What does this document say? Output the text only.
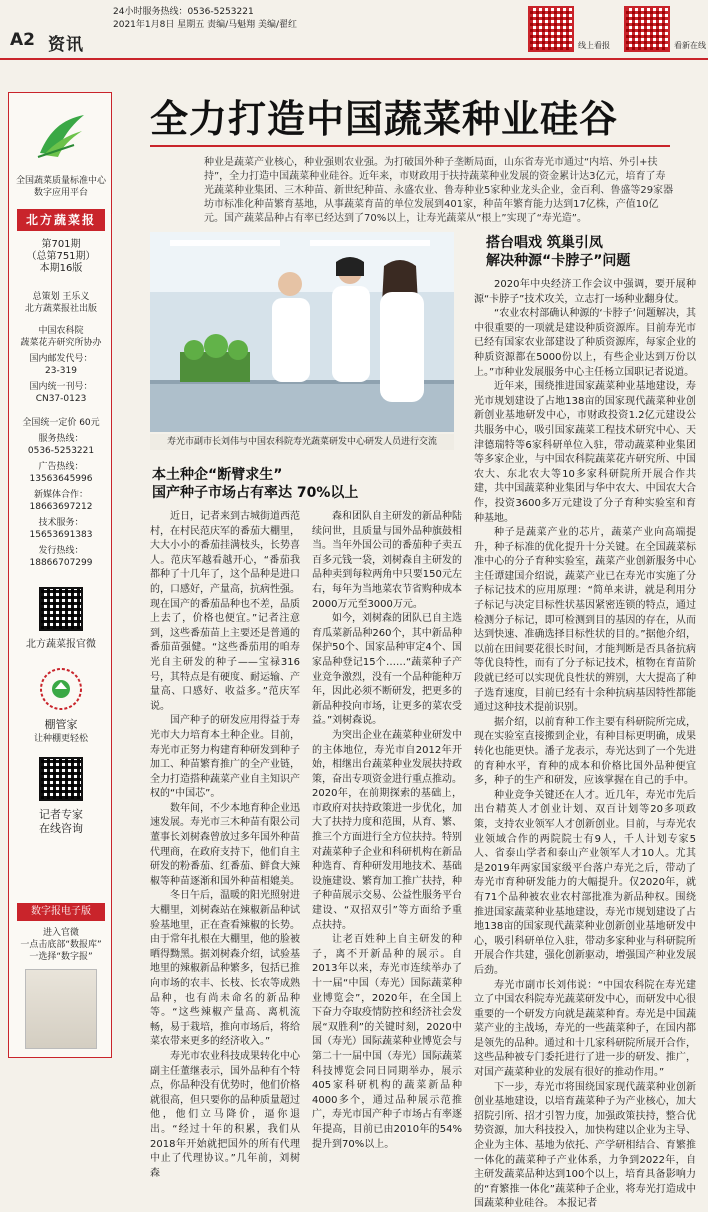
A2 资讯
24小时服务热线：0536-5253221
2021年1月8日 星期五 责编/马魁翔 美编/翟红
线上看报	看新在线
全国蔬菜质量标准中心
数字应用平台
北方蔬菜报
第701期
（总第751期）
本期16版
总策划 王乐义
北方蔬菜报社出版
中国农科院
蔬菜花卉研究所协办
国内邮发代号：
23-319
国内统一刊号：
CN37-0123
全国统一定价 60元
服务热线：
0536-5253221
广告热线：
13563645996
新媒体合作：
18663697212
技术服务：
15653691383
发行热线：
18866707299
北方蔬菜报官微
棚管家
让种棚更轻松
记者专家
在线咨询
数字报电子版
进入官微
一点击底部“数报库”
一选择“数字报”
全力打造中国蔬菜种业硅谷
种业是蔬菜产业核心，种业强则农业强。为打破国外种子垄断局面，山东省寿光市通过“内培、外引+扶持”，全力打造中国蔬菜种业硅谷。近年来，市财政用于扶持蔬菜种业发展的资金累计达3亿元，培育了寿光蔬菜种业集团、三木种苗、新世纪种苗、永盛农业、鲁寿种业5家种业龙头企业，金百利、鲁盛等29家器坊市标准化种苗繁育基地，从事蔬菜育苗的单位发展到401家，种苗年繁育能力达到17亿株，产值10亿元。国产蔬菜品种占有率已经达到了70%以上，让寿光蔬菜从“根上”实现了“寿光造”。
寿光市副市长刘伟与中国农科院寿光蔬菜研发中心研发人员进行交流
本土种企“断臂求生”
国产种子市场占有率达 70%以上
搭台唱戏 筑巢引凤
解决种源“卡脖子”问题

近日，记者来到古城街道西范村，在村民范庆军的番茄大棚里，大大小小的番茄挂满枝头，长势喜人。范庆军越看越开心，“番茄我都种了十几年了，这个品种是进口的，口感好，产量高，抗病性强。现在国产的番茄品种也不差，品质上去了，价格也便宜。”记者注意到，这些番茄苗上主要还是普通的番茄苗强健。“这些番茄用的咱寿光自主研发的种子——宝禄316号，其特点是有硬度、耐运输、产量高、口感好、收益多。”范庆军说。

国产种子的研发应用得益于寿光市大力培育本土种企业。目前，寿光市正努力构建育种研发到种子加工、种苗繁育推广的全产业链，全力打造搭种蔬菜产业自主知识产权的“中国芯”。

数年间，不少本地育种企业迅速发展。寿光市三木种苗有限公司董事长刘树森曾放过多年国外种苗代理商，在政府支持下，他们自主研发的粉番茄、红番茄、鲜食大辣椒等种苗逐渐和国外种苗相媲美。

冬日午后，温暖的阳光照射进大棚里，刘树森站在辣椒新品种试验基地里，正在查看辣椒的长势。由于常年扎根在大棚里，他的脸被晒得黝黑。据刘树森介绍，试验基地里的辣椒新品种繁多，包括已推向市场的农丰、长枝、长农等成熟品种，也有尚未命名的新品种等。“这些辣椒产量高、离机流畅，易于栽培，推向市场后，将给菜农带来更多的经济收入。”

寿光市农业科技成果转化中心副主任董继表示，国外品种有个特点，你品种没有优势时，他们价格就很高，但只要你的品种质量超过他，他们立马降价，逼你退出。“经过十年的积累，我们从2018年开始就把国外的所有代理中止了代理协议。”几年前，刘树森

森和团队自主研发的新品种陆续问世，且质量与国外品种旗鼓相当。当年外国公司的番茄种子卖五百多元钱一袋，刘树森自主研发的品种卖到每粒两角中只要150元左右，每年为当地菜农节省购种成本2000万元至3000万元。

如今，刘树森的团队已自主选育瓜菜新品种260个，其中新品种保护50个、国家品种审定4个、国家品种登记15个……“蔬菜种子产业竞争激烈，没有一个品种能种万年，因此必须不断研发，把更多的新品种投向市场，让更多的菜农受益。”刘树森说。

为突出企业在蔬菜种业研发中的主体地位，寿光市自2012年开始，相继出台蔬菜种业发展扶持政策，奋出专项资金进行重点推动。2020年，在前期探索的基础上，市政府对扶持政策进一步优化，加大了扶持力度和范围，从育、繁、推三个方面进行全方位扶持。特别对蔬菜种子企业和科研机构在新品种选育、育种研发用地技术、基础设施建设、繁育加工推广扶持，种子种苗展示交易、公益性服务平台建设、“双招双引”等方面给予重点扶持。

让老百姓种上自主研发的种子，离不开新品种的展示。自2013年以来，寿光市连续举办了十一届“中国（寿光）国际蔬菜种业博览会”，2020年，在全国上下奋力夺取疫情防控和经济社会发展“双胜利”的关键时刻，2020中国（寿光）国际蔬菜种业博览会与第二十一届中国（寿光）国际蔬菜科技博览会同日同期举办，展示405家科研机构的蔬菜新品种4000多个，通过品种展示范推广，寿光市国产种子市场占有率逐年提高，目前已由2010年的54%提升到70%以上。

2020年中央经济工作会议中强调，要开展种源“卡脖子”技术攻关，立志打一场种业翻身仗。

“农业农村部确认种源的‘卡脖子’问题解决，其中很重要的一项就是建设种质资源库。目前寿光市已经有国家农业部建设了种质资源库，每家企业的种质资源都在5000份以上，有些企业达到万份以上。”市种业发展服务中心主任杨立国职记者说道。

近年来，围绕推进国家蔬菜种业基地建设，寿光市规划建设了占地138亩的国家现代蔬菜种业创新创业基地研发中心，市财政投资1.2亿元建设公共服务中心，吸引国家蔬菜工程技术研究中心、天津德瑞特等6家科研单位入驻，带动蔬菜种业集团等多家企业，与中国农科院蔬菜花卉研究所、中国农大、东北农大等10多家科研院所开展合作共建，共中国蔬菜种业集团与华中农大、中国农大合作，投资3600多万元建设了分子育种实验室和育种基地。

种子是蔬菜产业的芯片，蔬菜产业向高端提升，种子标准的优化提升十分关键。在全国蔬菜标准中心的分子育种实验室，蔬菜产业创新服务中心主任谭建国介绍说，蔬菜产业已在寿光市实施了分子标记技术的应用原理：“简单来讲，就是利用分子标记与决定目标性状基因紧密连锁的特点，通过检测分子标记，即可检测到目的基因的存在，从而达到快速、准确选择目标性状的目的。”据他介绍，以前在田间要花很长时间，才能判断是否具备抗病等优良特性，而有了分子标记技术，植物在育苗阶段就已经可以实现优良性状的辨别，大大提高了种子选育速度，目前已经有十余种抗病基因特性都能通过这种技术提前识别。

据介绍，以前育种工作主要有科研院所完成，现在实验室直接搬到企业，有种目标更明确，成果转化也能更快。潘子龙表示，寿光达到了一个先进的育种水平，育种的成本和价格比国外品种便宜多，种子的生产和研发，应该掌握在自己的手中。

种业竞争关键还在人才。近几年，寿光市先后出台精英人才创业计划、双百计划等20多项政策，支持农业领军人才创新创业。目前，与寿光农业领域合作的两院院士有9人，千人计划专家5人、省泰山学者和泰山产业领军人才10人。尤其是2019年两家国家级平台落户寿光之后，带动了寿光市育种研发能力的大幅提升。仅2020年，就有71个品种被农业农村部批准为新品种权。围绕推进国家蔬菜种业基地建设，寿光市规划建设了占地138亩的国家现代蔬菜种业创新创业基地研发中心，吸引科研单位入驻，带动多家种业与科研院所开展合作共建，强化创新驱动，增强国产种业发展后劲。

寿光市副市长刘伟说：“中国农科院在寿光建立了中国农科院寿光蔬菜研发中心，而研发中心很重要的一个研发方向就是蔬菜种育。寿光是中国蔬菜产业的主战场，寿光的一些蔬菜种子，在国内都是领先的品种。通过和十几家科研院所展开合作，这些品种被专门委托进行了进一步的研发、推广，对国产蔬菜种业的发展有很好的推动作用。”

下一步，寿光市将围绕国家现代蔬菜种业创新创业基地建设，以培育蔬菜种子为产业核心，加大招院引所、招才引智力度，加强政策扶持，整合优势资源，加大科技投入，加快构建以企业为主导、企业为主体、基地为依托、产学研相结合、育繁推一体化的蔬菜种子产业体系，力争到2022年，自主研发蔬菜品种达到100个以上，培育具备影响力的“育繁推一体化”蔬菜种子企业，将寿光打造成中国蔬菜种业硅谷。 本报记者
